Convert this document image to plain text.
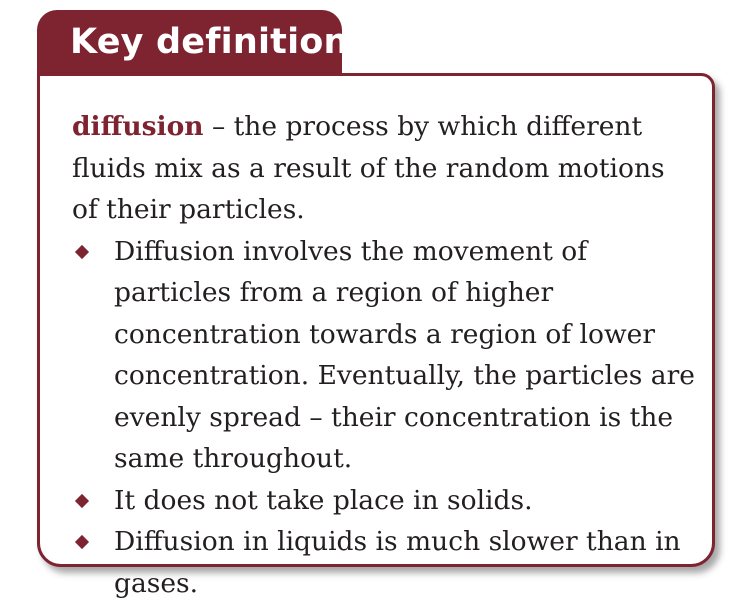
Key definition

diffusion – the process by which different fluids mix as a result of the random motions of their particles.

Diffusion involves the movement of particles from a region of higher concentration towards a region of lower concentration. Eventually, the particles are evenly spread – their concentration is the same throughout.
It does not take place in solids.
Diffusion in liquids is much slower than in gases.
